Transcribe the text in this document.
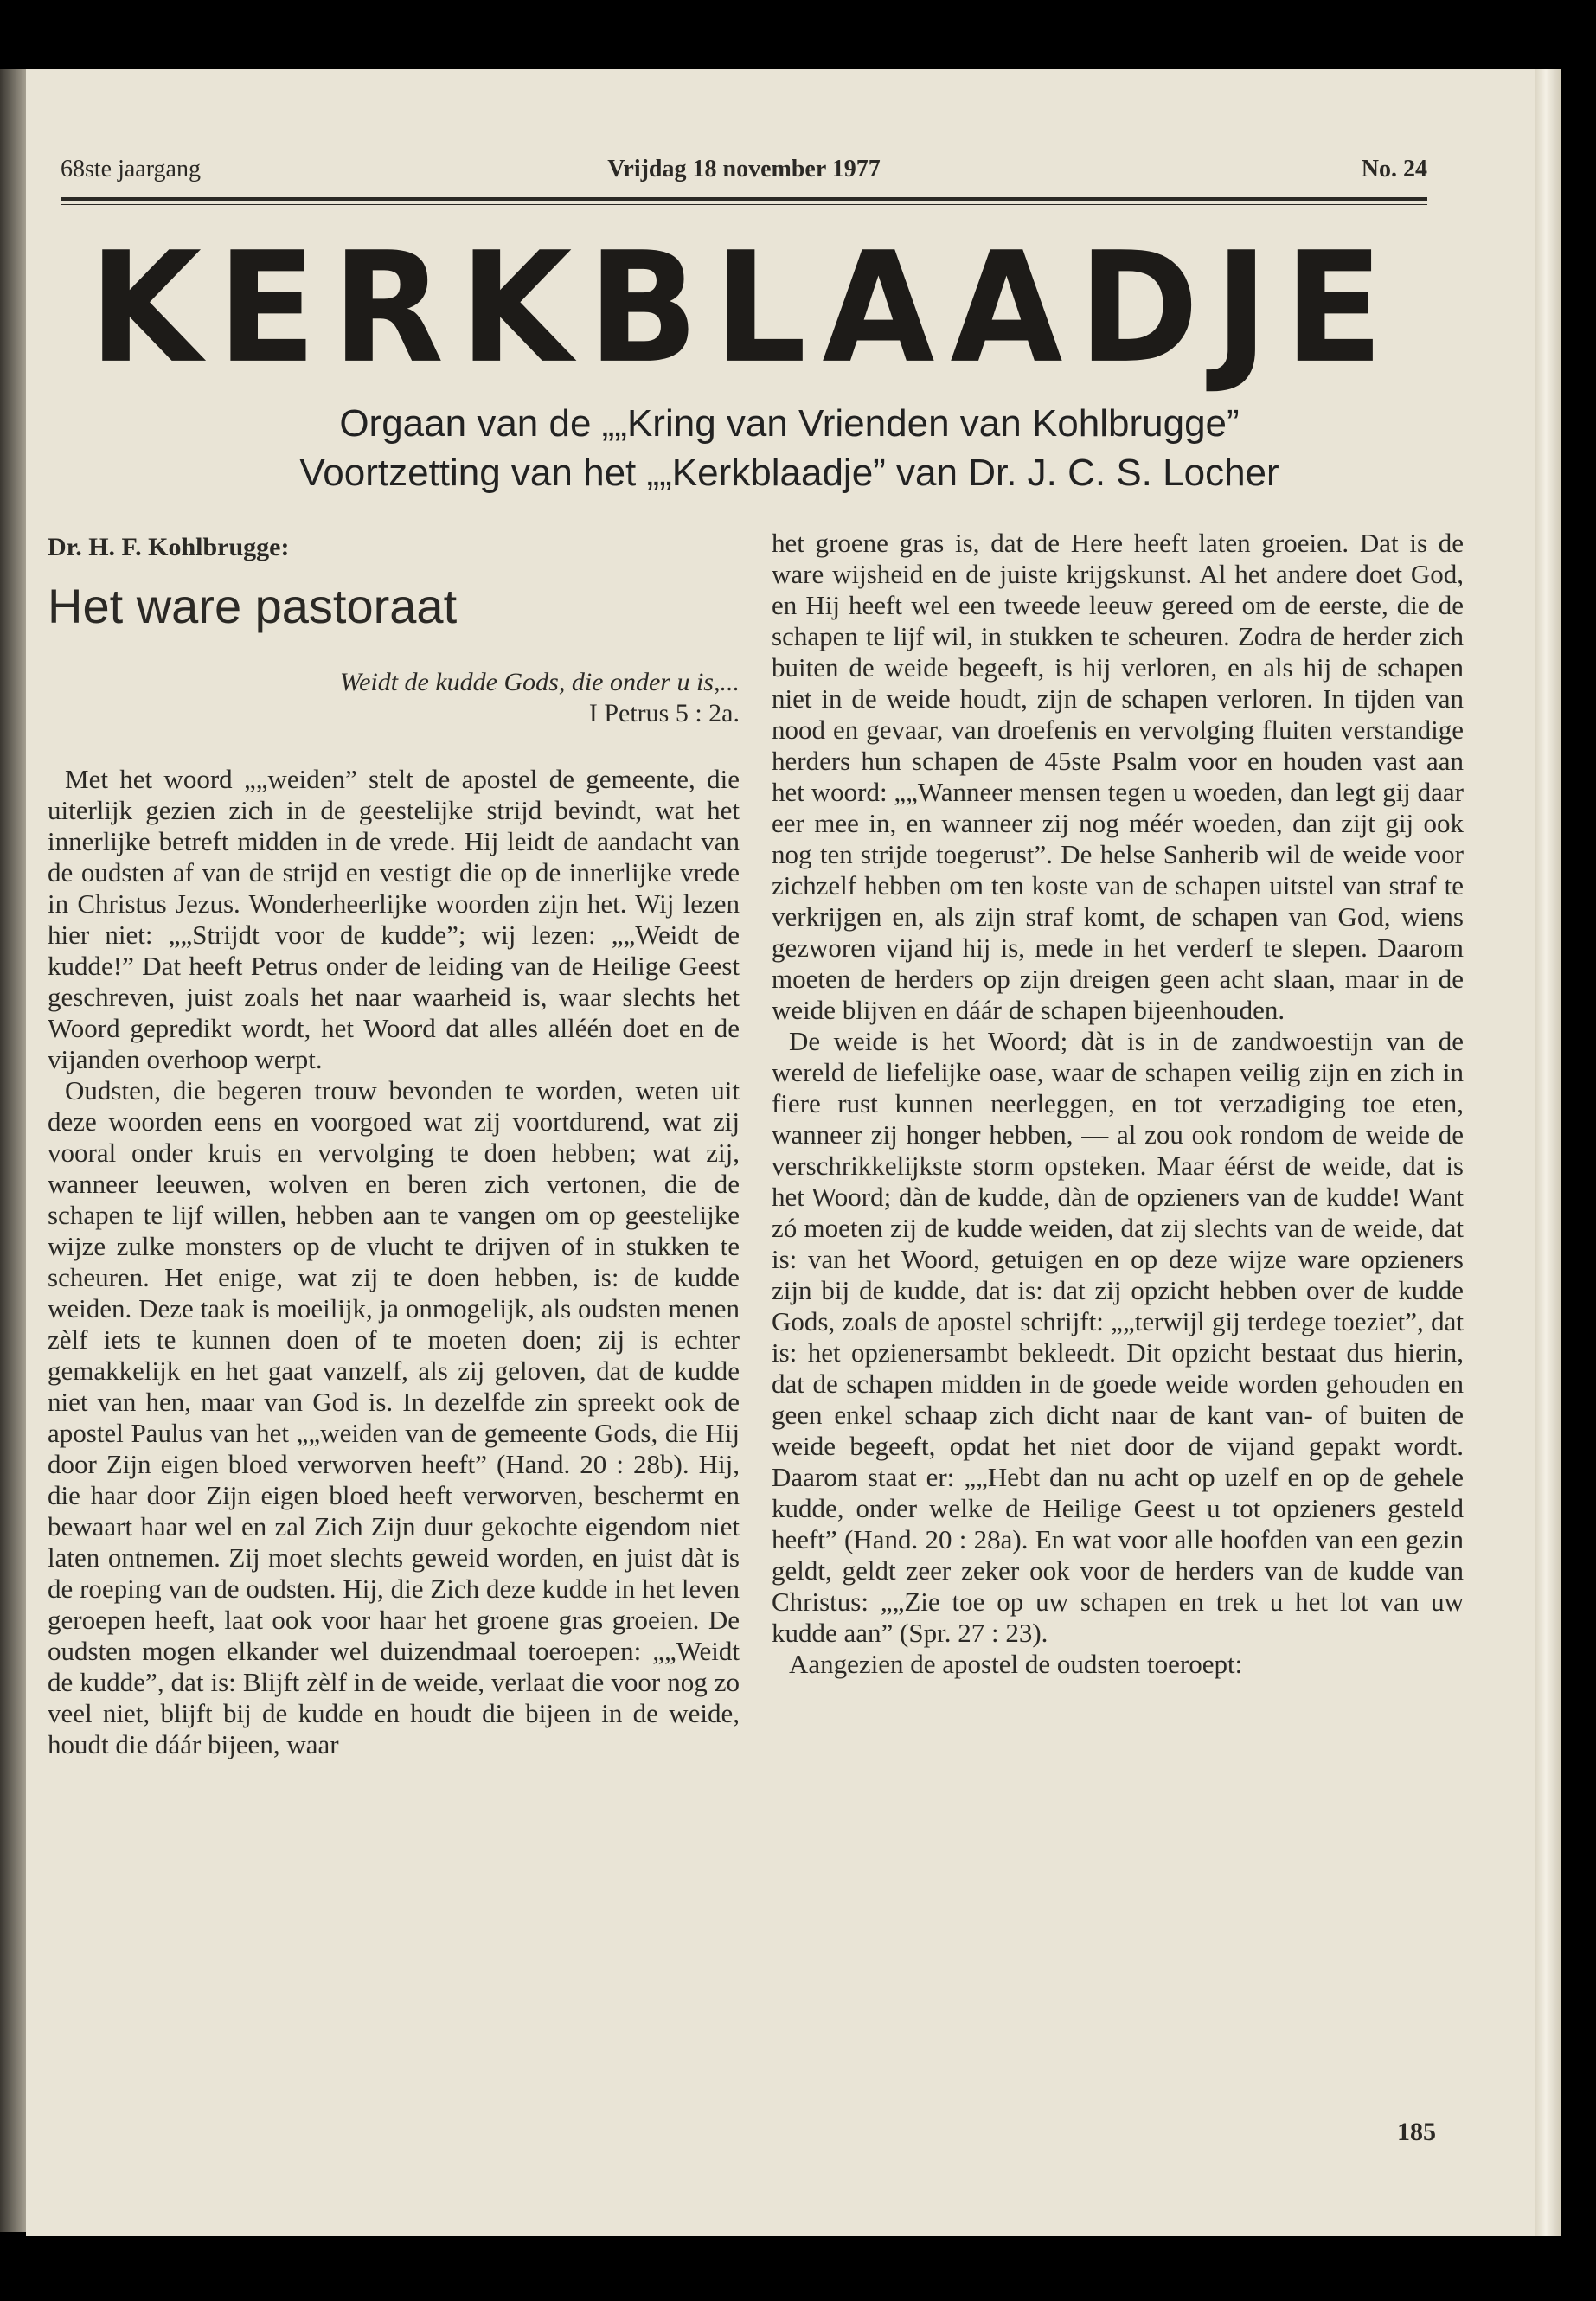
68ste jaargang	Vrijdag 18 november 1977	No. 24
KERKBLAADJE
Orgaan van de „„Kring van Vrienden van Kohlbrugge”
Voortzetting van het „„Kerkblaadje” van Dr. J. C. S. Locher
Dr. H. F. Kohlbrugge:
Het ware pastoraat
Weidt de kudde Gods, die onder u is,...
I Petrus 5 : 2a.

Met het woord „„weiden” stelt de apostel de gemeente, die uiterlijk gezien zich in de geestelijke strijd bevindt, wat het innerlijke betreft midden in de vrede. Hij leidt de aandacht van de oudsten af van de strijd en vestigt die op de innerlijke vrede in Christus Jezus. Wonderheerlijke woorden zijn het. Wij lezen hier niet: „„Strijdt voor de kudde”; wij lezen: „„Weidt de kudde!” Dat heeft Petrus onder de leiding van de Heilige Geest geschreven, juist zoals het naar waarheid is, waar slechts het Woord gepredikt wordt, het Woord dat alles alléén doet en de vijanden overhoop werpt.

Oudsten, die begeren trouw bevonden te worden, weten uit deze woorden eens en voorgoed wat zij voortdurend, wat zij vooral onder kruis en vervolging te doen hebben; wat zij, wanneer leeuwen, wolven en beren zich vertonen, die de schapen te lijf willen, hebben aan te vangen om op geestelijke wijze zulke monsters op de vlucht te drijven of in stukken te scheuren. Het enige, wat zij te doen hebben, is: de kudde weiden. Deze taak is moeilijk, ja onmogelijk, als oudsten menen zèlf iets te kunnen doen of te moeten doen; zij is echter gemakkelijk en het gaat vanzelf, als zij geloven, dat de kudde niet van hen, maar van God is. In dezelfde zin spreekt ook de apostel Paulus van het „„weiden van de gemeente Gods, die Hij door Zijn eigen bloed verworven heeft” (Hand. 20 : 28b). Hij, die haar door Zijn eigen bloed heeft verworven, beschermt en bewaart haar wel en zal Zich Zijn duur gekochte eigendom niet laten ontnemen. Zij moet slechts geweid worden, en juist dàt is de roeping van de oudsten. Hij, die Zich deze kudde in het leven geroepen heeft, laat ook voor haar het groene gras groeien. De oudsten mogen elkander wel duizendmaal toeroepen: „„Weidt de kudde”, dat is: Blijft zèlf in de weide, verlaat die voor nog zo veel niet, blijft bij de kudde en houdt die bijeen in de weide, houdt die dáár bijeen, waar

het groene gras is, dat de Here heeft laten groeien. Dat is de ware wijsheid en de juiste krijgskunst. Al het andere doet God, en Hij heeft wel een tweede leeuw gereed om de eerste, die de schapen te lijf wil, in stukken te scheuren. Zodra de herder zich buiten de weide begeeft, is hij verloren, en als hij de schapen niet in de weide houdt, zijn de schapen verloren. In tijden van nood en gevaar, van droefenis en vervolging fluiten verstandige herders hun schapen de 45ste Psalm voor en houden vast aan het woord: „„Wanneer mensen tegen u woeden, dan legt gij daar eer mee in, en wanneer zij nog méér woeden, dan zijt gij ook nog ten strijde toegerust”. De helse Sanherib wil de weide voor zichzelf hebben om ten koste van de schapen uitstel van straf te verkrijgen en, als zijn straf komt, de schapen van God, wiens gezworen vijand hij is, mede in het verderf te slepen. Daarom moeten de herders op zijn dreigen geen acht slaan, maar in de weide blijven en dáár de schapen bijeenhouden.

De weide is het Woord; dàt is in de zandwoestijn van de wereld de liefelijke oase, waar de schapen veilig zijn en zich in fiere rust kunnen neerleggen, en tot verzadiging toe eten, wanneer zij honger hebben, — al zou ook rondom de weide de verschrikkelijkste storm opsteken. Maar éérst de weide, dat is het Woord; dàn de kudde, dàn de opzieners van de kudde! Want zó moeten zij de kudde weiden, dat zij slechts van de weide, dat is: van het Woord, getuigen en op deze wijze ware opzieners zijn bij de kudde, dat is: dat zij opzicht hebben over de kudde Gods, zoals de apostel schrijft: „„terwijl gij terdege toeziet”, dat is: het opzienersambt bekleedt. Dit opzicht bestaat dus hierin, dat de schapen midden in de goede weide worden gehouden en geen enkel schaap zich dicht naar de kant van- of buiten de weide begeeft, opdat het niet door de vijand gepakt wordt. Daarom staat er: „„Hebt dan nu acht op uzelf en op de gehele kudde, onder welke de Heilige Geest u tot opzieners gesteld heeft” (Hand. 20 : 28a). En wat voor alle hoofden van een gezin geldt, geldt zeer zeker ook voor de herders van de kudde van Christus: „„Zie toe op uw schapen en trek u het lot van uw kudde aan” (Spr. 27 : 23).

Aangezien de apostel de oudsten toeroept:

185
